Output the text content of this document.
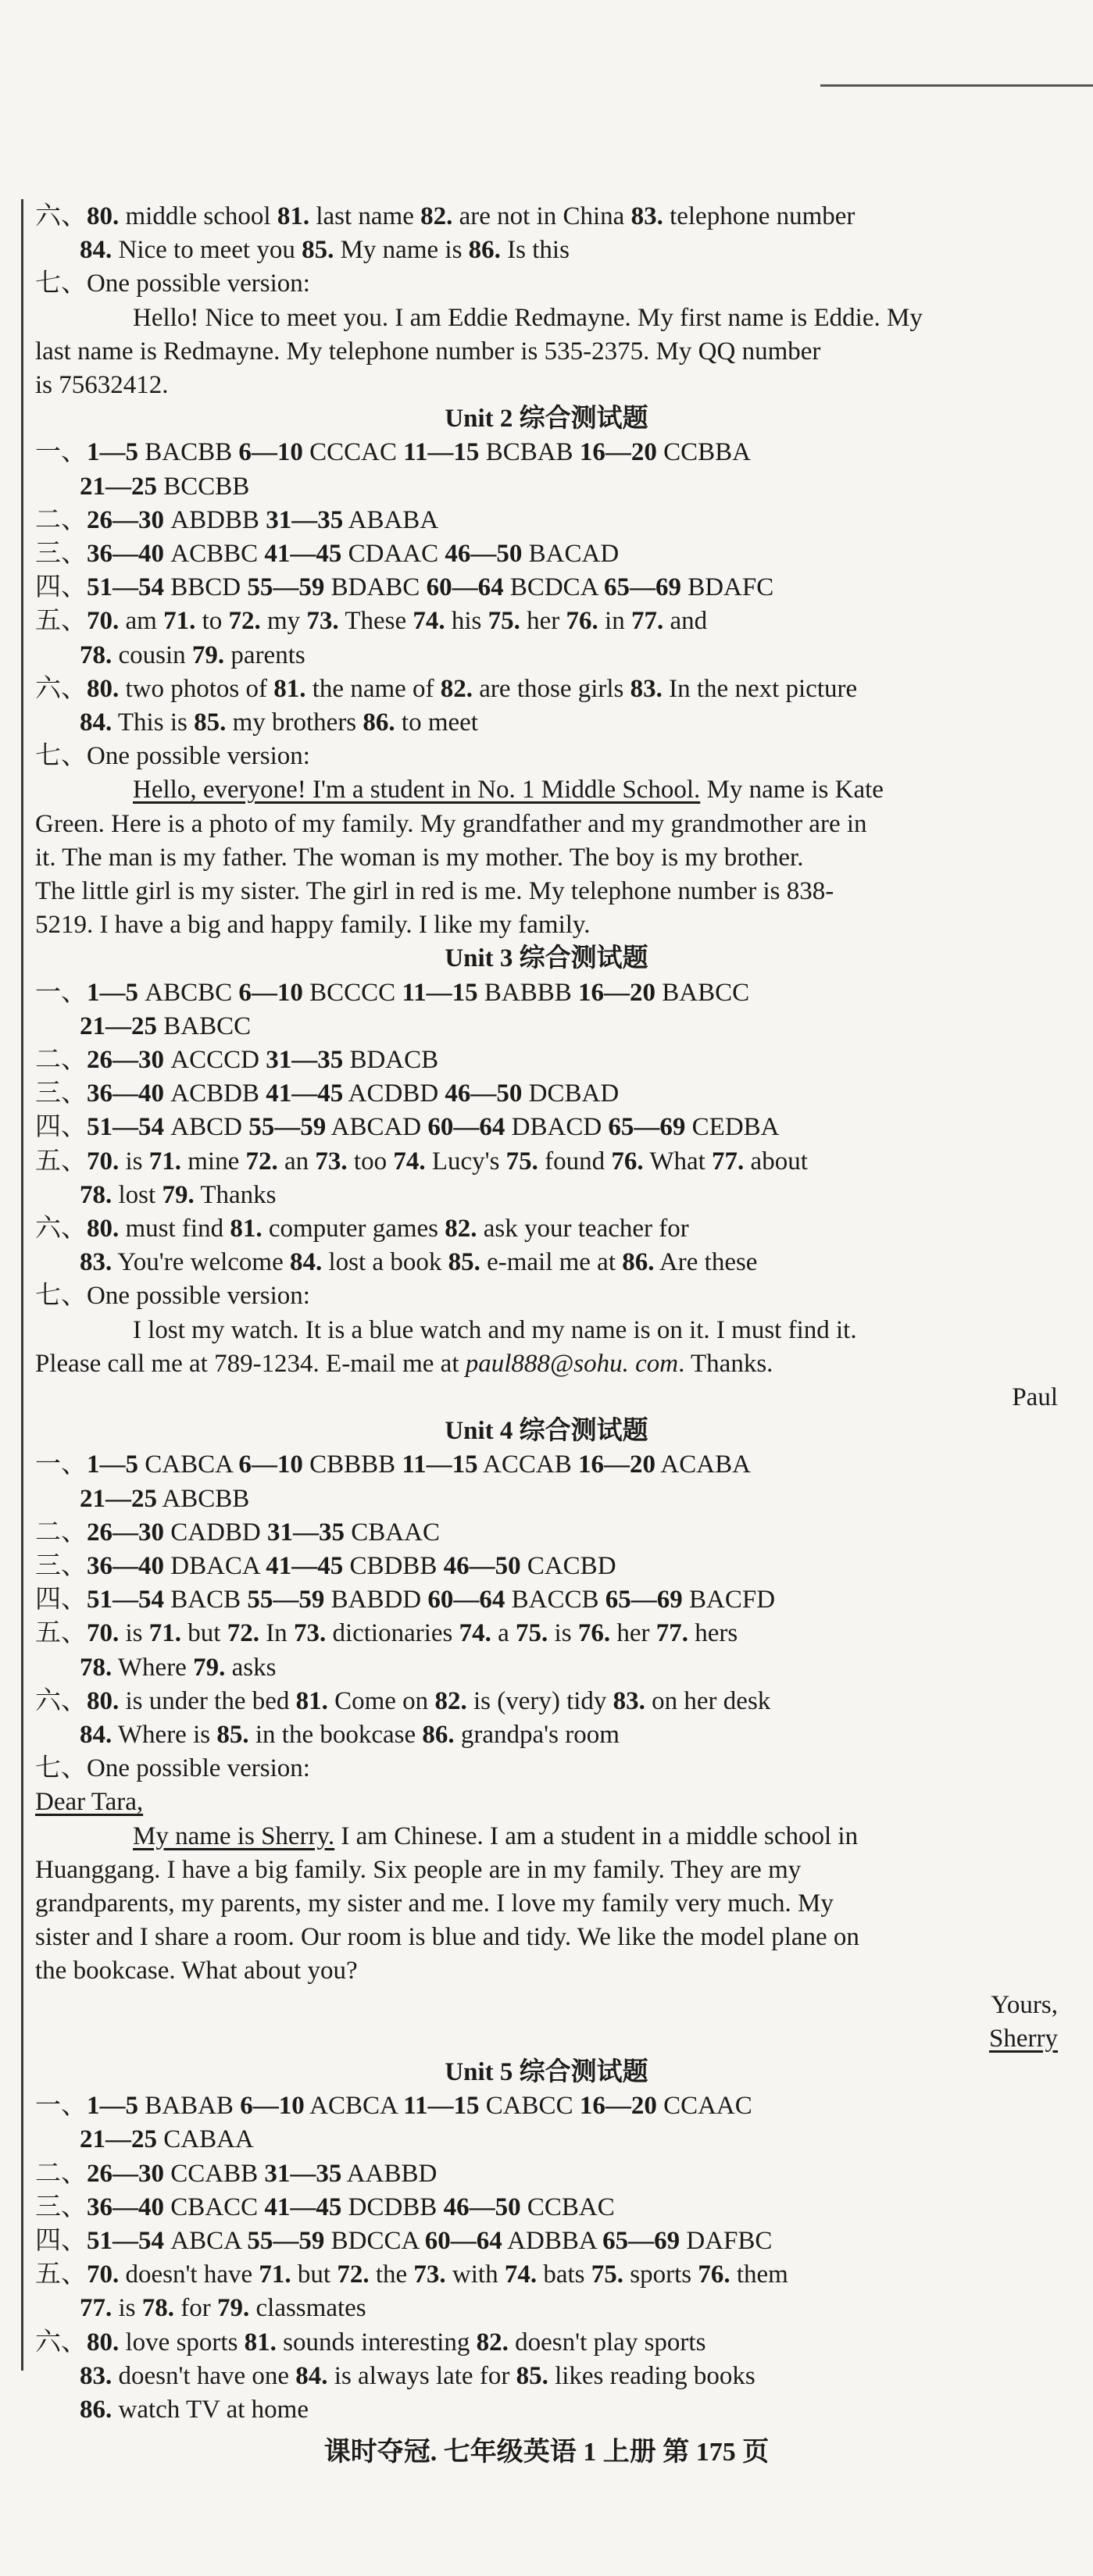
六、80. middle school 81. last name 82. are not in China 83. telephone number
84. Nice to meet you 85. My name is 86. Is this
七、One possible version:
Hello! Nice to meet you. I am Eddie Redmayne. My first name is Eddie. My
last name is Redmayne. My telephone number is 535-2375. My QQ number
is 75632412.
Unit 2 综合测试题
一、1—5 BACBB 6—10 CCCAC 11—15 BCBAB 16—20 CCBBA
21—25 BCCBB
二、26—30 ABDBB 31—35 ABABA
三、36—40 ACBBC 41—45 CDAAC 46—50 BACAD
四、51—54 BBCD 55—59 BDABC 60—64 BCDCA 65—69 BDAFC
五、70. am 71. to 72. my 73. These 74. his 75. her 76. in 77. and
78. cousin 79. parents
六、80. two photos of 81. the name of 82. are those girls 83. In the next picture
84. This is 85. my brothers 86. to meet
七、One possible version:
Hello, everyone! I'm a student in No. 1 Middle School. My name is Kate
Green. Here is a photo of my family. My grandfather and my grandmother are in
it. The man is my father. The woman is my mother. The boy is my brother.
The little girl is my sister. The girl in red is me. My telephone number is 838-
5219. I have a big and happy family. I like my family.
Unit 3 综合测试题
一、1—5 ABCBC 6—10 BCCCC 11—15 BABBB 16—20 BABCC
21—25 BABCC
二、26—30 ACCCD 31—35 BDACB
三、36—40 ACBDB 41—45 ACDBD 46—50 DCBAD
四、51—54 ABCD 55—59 ABCAD 60—64 DBACD 65—69 CEDBA
五、70. is 71. mine 72. an 73. too 74. Lucy's 75. found 76. What 77. about
78. lost 79. Thanks
六、80. must find 81. computer games 82. ask your teacher for
83. You're welcome 84. lost a book 85. e-mail me at 86. Are these
七、One possible version:
I lost my watch. It is a blue watch and my name is on it. I must find it.
Please call me at 789-1234. E-mail me at paul888@sohu. com. Thanks.
Paul
Unit 4 综合测试题
一、1—5 CABCA 6—10 CBBBB 11—15 ACCAB 16—20 ACABA
21—25 ABCBB
二、26—30 CADBD 31—35 CBAAC
三、36—40 DBACA 41—45 CBDBB 46—50 CACBD
四、51—54 BACB 55—59 BABDD 60—64 BACCB 65—69 BACFD
五、70. is 71. but 72. In 73. dictionaries 74. a 75. is 76. her 77. hers
78. Where 79. asks
六、80. is under the bed 81. Come on 82. is (very) tidy 83. on her desk
84. Where is 85. in the bookcase 86. grandpa's room
七、One possible version:
Dear Tara,
My name is Sherry. I am Chinese. I am a student in a middle school in
Huanggang. I have a big family. Six people are in my family. They are my
grandparents, my parents, my sister and me. I love my family very much. My
sister and I share a room. Our room is blue and tidy. We like the model plane on
the bookcase. What about you?
Yours,
Sherry
Unit 5 综合测试题
一、1—5 BABAB 6—10 ACBCA 11—15 CABCC 16—20 CCAAC
21—25 CABAA
二、26—30 CCABB 31—35 AABBD
三、36—40 CBACC 41—45 DCDBB 46—50 CCBAC
四、51—54 ABCA 55—59 BDCCA 60—64 ADBBA 65—69 DAFBC
五、70. doesn't have 71. but 72. the 73. with 74. bats 75. sports 76. them
77. is 78. for 79. classmates
六、80. love sports 81. sounds interesting 82. doesn't play sports
83. doesn't have one 84. is always late for 85. likes reading books
86. watch TV at home
课时夺冠. 七年级英语 1 上册 第 175 页
